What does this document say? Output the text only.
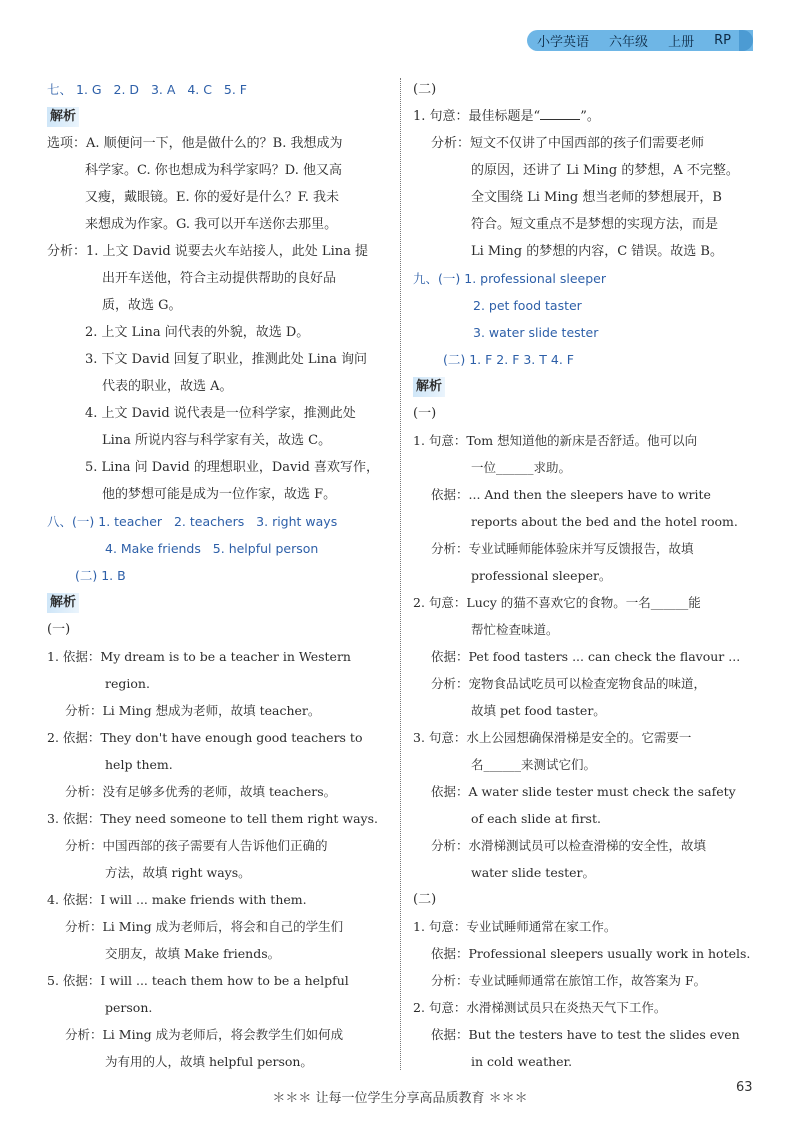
小学英语 六年级 上册 RP
七、 1. G 2. D 3. A 4. C 5. F
解析
选项：A. 顺便问一下，他是做什么的？B. 我想成为
科学家。C. 你也想成为科学家吗？D. 他又高
又瘦，戴眼镜。E. 你的爱好是什么？F. 我未
来想成为作家。G. 我可以开车送你去那里。
分析：1. 上文 David 说要去火车站接人，此处 Lina 提
出开车送他，符合主动提供帮助的良好品
质，故选 G。
2. 上文 Lina 问代表的外貌，故选 D。
3. 下文 David 回复了职业，推测此处 Lina 询问
代表的职业，故选 A。
4. 上文 David 说代表是一位科学家，推测此处
Lina 所说内容与科学家有关，故选 C。
5. Lina 问 David 的理想职业，David 喜欢写作，
他的梦想可能是成为一位作家，故选 F。
八、(一) 1. teacher 2. teachers 3. right ways
4. Make friends 5. helpful person
(二) 1. B
解析
(一)
1. 依据：My dream is to be a teacher in Western
region.
分析：Li Ming 想成为老师，故填 teacher。
2. 依据：They don't have enough good teachers to
help them.
分析：没有足够多优秀的老师，故填 teachers。
3. 依据：They need someone to tell them right ways.
分析：中国西部的孩子需要有人告诉他们正确的
方法，故填 right ways。
4. 依据：I will ... make friends with them.
分析：Li Ming 成为老师后，将会和自己的学生们
交朋友，故填 Make friends。
5. 依据：I will ... teach them how to be a helpful
person.
分析：Li Ming 成为老师后，将会教学生们如何成
为有用的人，故填 helpful person。
(二)
1. 句意：最佳标题是“	”。
分析：短文不仅讲了中国西部的孩子们需要老师
的原因，还讲了 Li Ming 的梦想，A 不完整。
全文围绕 Li Ming 想当老师的梦想展开，B
符合。短文重点不是梦想的实现方法，而是
Li Ming 的梦想的内容，C 错误。故选 B。
九、(一) 1. professional sleeper
2. pet food taster
3. water slide tester
(二) 1. F 2. F 3. T 4. F
解析
(一)
1. 句意：Tom 想知道他的新床是否舒适。他可以向
一位______求助。
依据：... And then the sleepers have to write
reports about the bed and the hotel room.
分析：专业试睡师能体验床并写反馈报告，故填
professional sleeper。
2. 句意：Lucy 的猫不喜欢它的食物。一名______能
帮忙检查味道。
依据：Pet food tasters ... can check the flavour ...
分析：宠物食品试吃员可以检查宠物食品的味道，
故填 pet food taster。
3. 句意：水上公园想确保滑梯是安全的。它需要一
名______来测试它们。
依据：A water slide tester must check the safety
of each slide at first.
分析：水滑梯测试员可以检查滑梯的安全性，故填
water slide tester。
(二)
1. 句意：专业试睡师通常在家工作。
依据：Professional sleepers usually work in hotels.
分析：专业试睡师通常在旅馆工作，故答案为 F。
2. 句意：水滑梯测试员只在炎热天气下工作。
依据：But the testers have to test the slides even
in cold weather.
＊＊＊ 让每一位学生分享高品质教育 ＊＊＊
63
